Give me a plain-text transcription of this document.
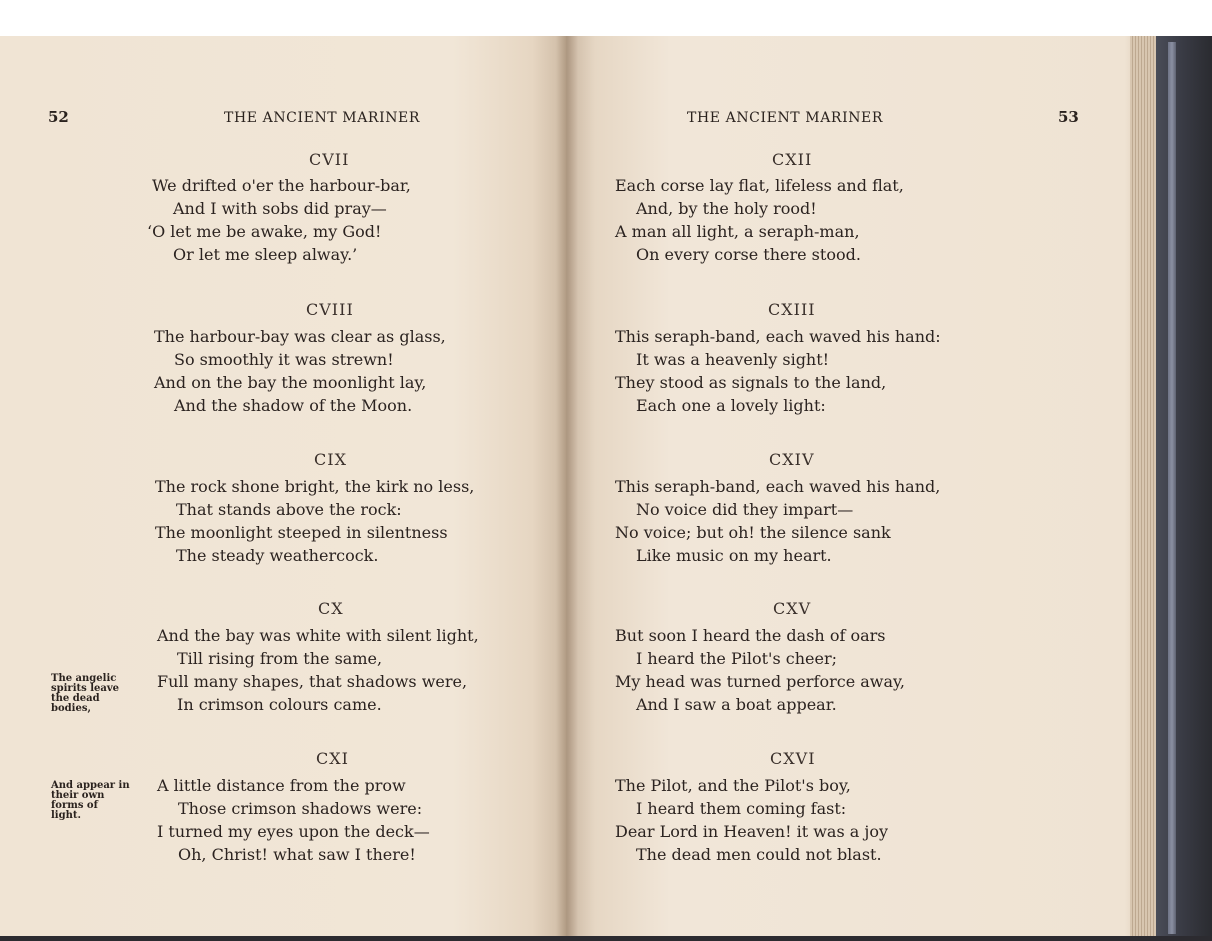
52	THE ANCIENT MARINER
CVII
We drifted o'er the harbour-bar,
And I with sobs did pray—
‘O let me be awake, my God!
Or let me sleep alway.’
CVIII
The harbour-bay was clear as glass,
So smoothly it was strewn!
And on the bay the moonlight lay,
And the shadow of the Moon.
CIX
The rock shone bright, the kirk no less,
That stands above the rock:
The moonlight steeped in silentness
The steady weathercock.
CX
And the bay was white with silent light,
Till rising from the same,
Full many shapes, that shadows were,
In crimson colours came.
CXI
A little distance from the prow
Those crimson shadows were:
I turned my eyes upon the deck—
Oh, Christ! what saw I there!
The angelic spirits leave the dead bodies,
And appear in their own forms of light.
THE ANCIENT MARINER	53
CXII
Each corse lay flat, lifeless and flat,
And, by the holy rood!
A man all light, a seraph-man,
On every corse there stood.
CXIII
This seraph-band, each waved his hand:
It was a heavenly sight!
They stood as signals to the land,
Each one a lovely light:
CXIV
This seraph-band, each waved his hand,
No voice did they impart—
No voice; but oh! the silence sank
Like music on my heart.
CXV
But soon I heard the dash of oars
I heard the Pilot's cheer;
My head was turned perforce away,
And I saw a boat appear.
CXVI
The Pilot, and the Pilot's boy,
I heard them coming fast:
Dear Lord in Heaven! it was a joy
The dead men could not blast.
